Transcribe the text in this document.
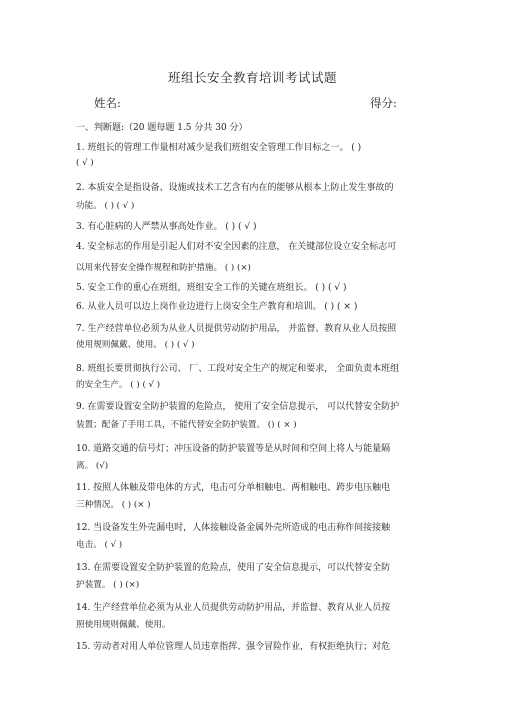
班组长安全教育培训考试试题
姓名:	得分:
一、判断题:（20 题每题 1.5 分共 30 分）
1. 班组长的管理工作量相对减少是我们班组安全管理工作目标之一。 ( )
( √ )
2. 本质安全是指设备、设施或技术工艺含有内在的能够从根本上防止发生事故的
功能。 ( ) ( √ )
3. 有心脏病的人严禁从事高处作业。 ( ) ( √ )
4. 安全标志的作用是引起人们对不安全因素的注意， 在关键部位设立安全标志可
以用来代替安全操作规程和防护措施。 ( ) (×)
5. 安全工作的重心在班组，班组安全工作的关键在班组长。 ( ) ( √ )
6. 从业人员可以边上岗作业边进行上岗安全生产教育和培训。 ( ) ( × )
7. 生产经营单位必须为从业人员提供劳动防护用品， 并监督、教育从业人员按照
使用规则佩戴、使用。 ( ) ( √ )
8. 班组长要贯彻执行公司、 厂、工段对安全生产的规定和要求， 全面负责本班组
的安全生产。 ( ) ( √ )
9. 在需要设置安全防护装置的危险点， 使用了安全信息提示， 可以代替安全防护
装置；配备了手用工具，不能代替安全防护装置。 () ( × )
10. 道路交通的信号灯；冲压设备的防护装置等是从时间和空间上将人与能量隔
离。 (√)
11. 按照人体触及带电体的方式，电击可分单相触电、两相触电、跨步电压触电
三种情况。 ( ) (× )
12. 当设备发生外壳漏电时，人体接触设备金属外壳所造成的电击称作间接接触
电击。 ( √ )
13. 在需要设置安全防护装置的危险点，使用了安全信息提示，可以代替安全防
护装置。 ( ) (×)
14. 生产经营单位必须为从业人员提供劳动防护用品，并监督、教育从业人员按
照使用规则佩戴、使用。
15. 劳动者对用人单位管理人员违章指挥、强令冒险作业，有权拒绝执行；对危
